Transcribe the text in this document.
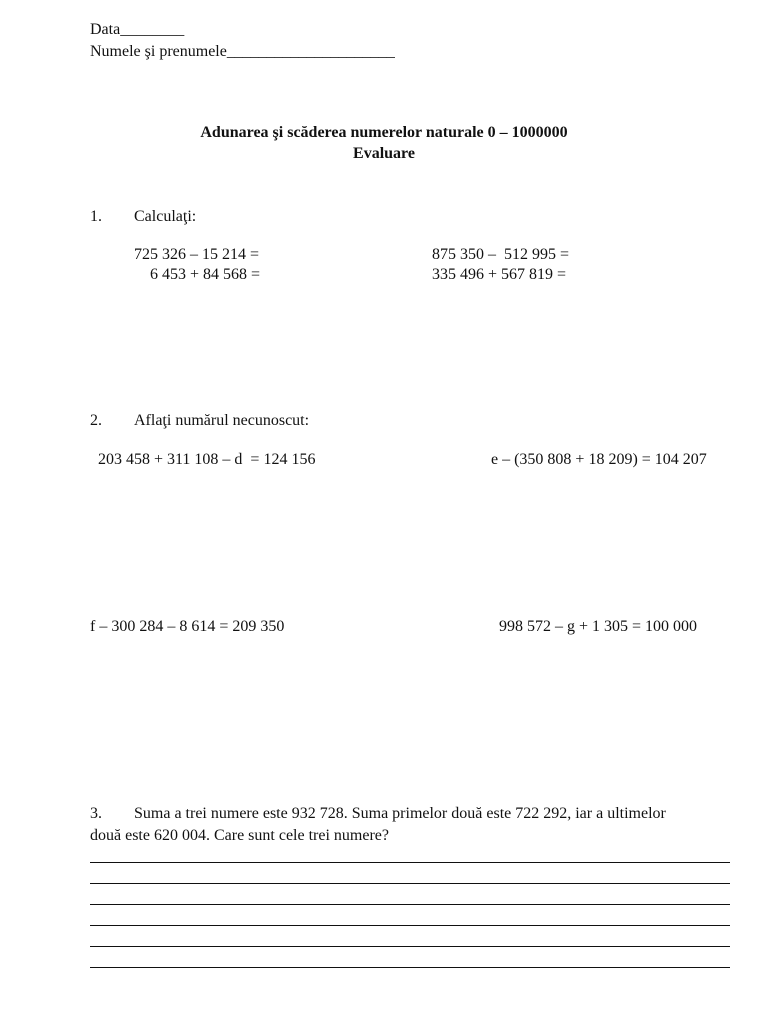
Data________
Numele şi prenumele_____________________
Adunarea şi scăderea numerelor naturale 0 – 1000000
Evaluare
1. Calculaţi:
725 326 – 15 214 =
6 453 + 84 568 =
875 350 –  512 995 =
335 496 + 567 819 =
2. Aflaţi numărul necunoscut:
203 458 + 311 108 – d  = 124 156	e – (350 808 + 18 209) = 104 207
f – 300 284 – 8 614 = 209 350	998 572 – g + 1 305 = 100 000
3. Suma a trei numere este 932 728. Suma primelor două este 722 292, iar a ultimelor
două este 620 004. Care sunt cele trei numere?
